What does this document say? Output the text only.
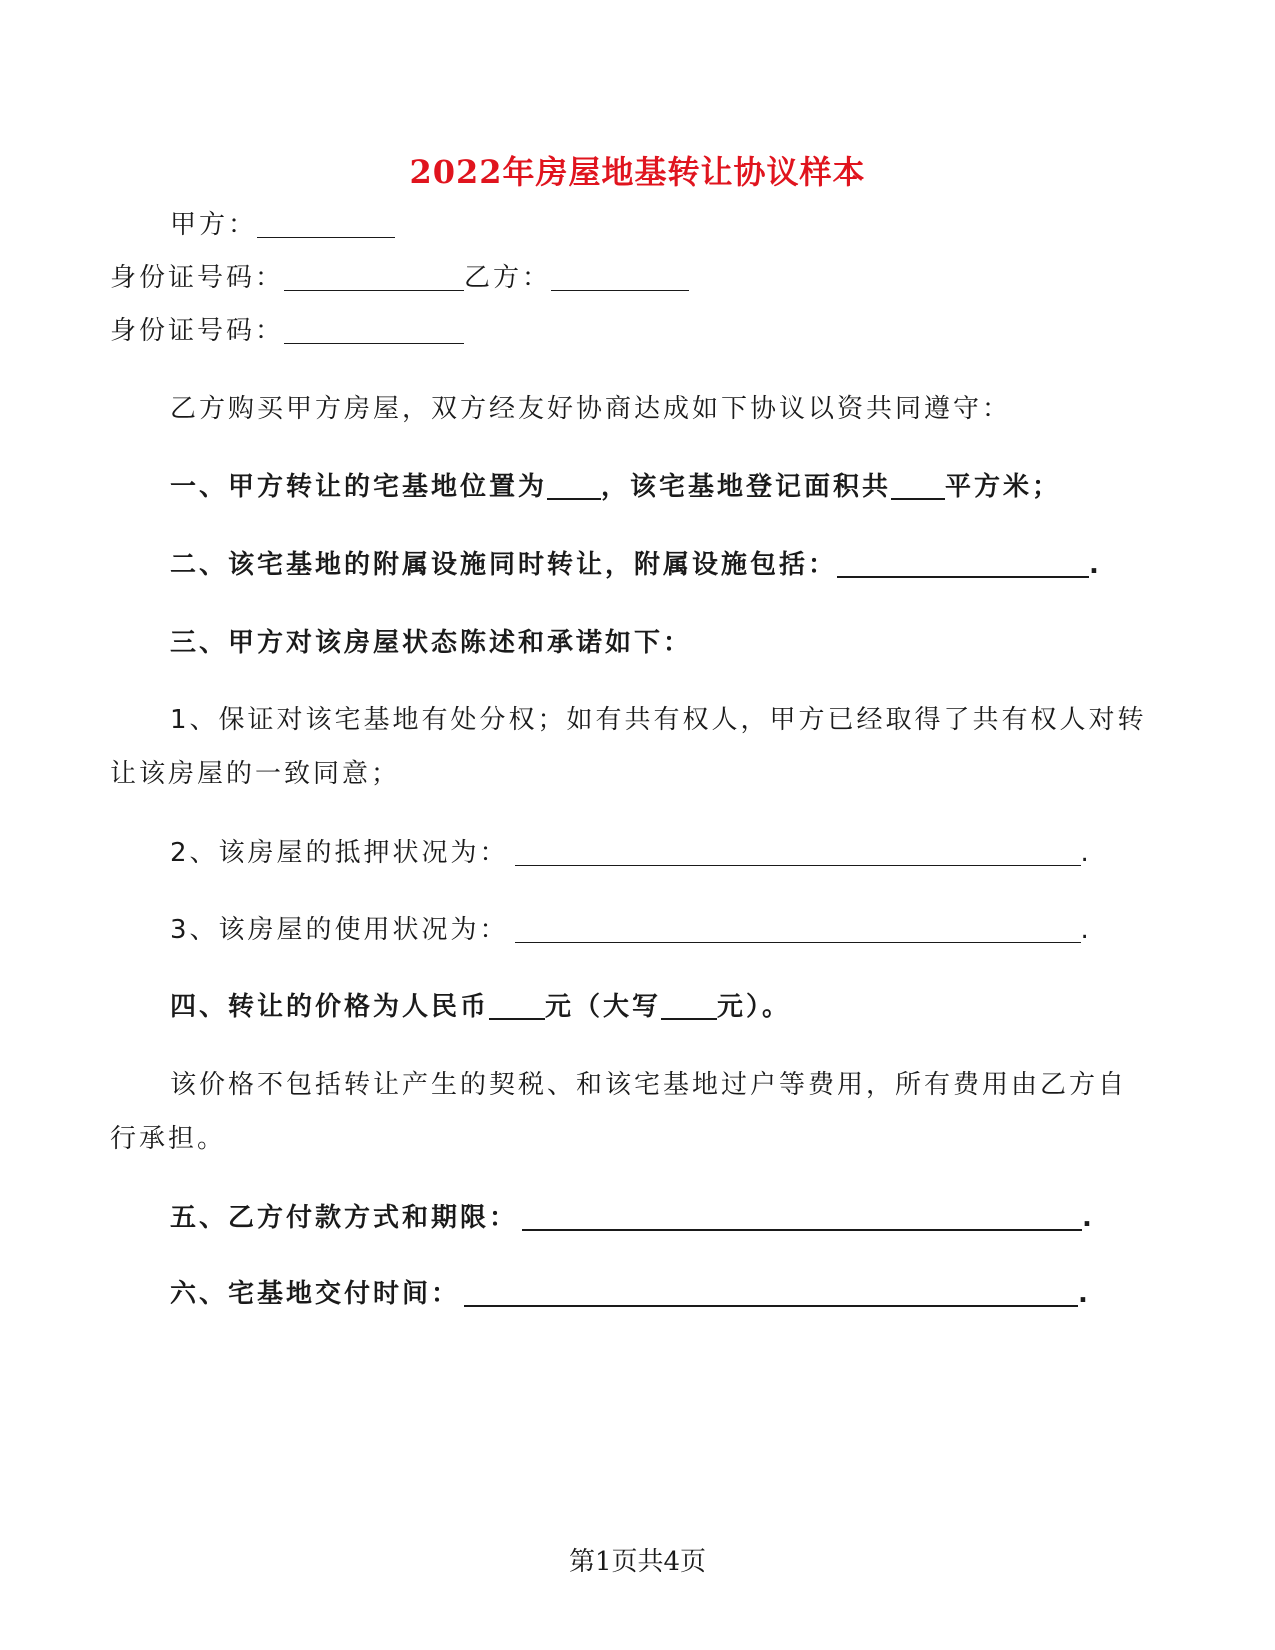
2022年房屋地基转让协议样本
甲方：
身份证号码：	乙方：
身份证号码：
乙方购买甲方房屋，双方经友好协商达成如下协议以资共同遵守：
一、甲方转让的宅基地位置为 ，该宅基地登记面积共 平方米；
二、该宅基地的附属设施同时转让，附属设施包括：	.
三、甲方对该房屋状态陈述和承诺如下：
1、保证对该宅基地有处分权；如有共有权人，甲方已经取得了共有权人对转
让该房屋的一致同意；
2、该房屋的抵押状况为：	.
3、该房屋的使用状况为：	.
四、转让的价格为人民币 元（大写 元）。
该价格不包括转让产生的契税、和该宅基地过户等费用，所有费用由乙方自
行承担。
五、乙方付款方式和期限：	.
六、宅基地交付时间：	.
第1页共4页
